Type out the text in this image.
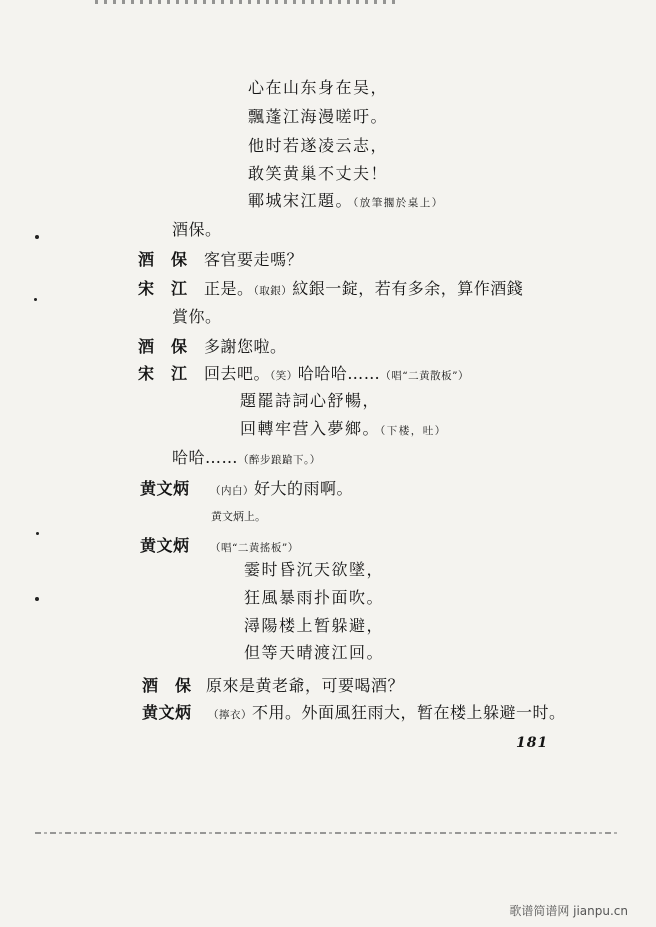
心在山东身在吴，
飄蓬江海漫嗟吁。
他时若遂凌云志，
敢笑黄巢不丈夫！
鄆城宋江題。（放筆擱於桌上）
酒保。
酒　保 客官要走嗎？
宋　江 正是。（取銀）紋銀一錠，若有多余，算作酒錢
賞你。
酒　保 多謝您啦。
宋　江 回去吧。（笑）哈哈哈……（唱“二黄散板”）
題罷詩詞心舒暢，
回轉牢营入夢鄉。（下楼，吐）
哈哈……（醉步踉蹌下。）
黄文炳 （内白）好大的雨啊。
黄文炳上。
黄文炳 （唱“二黄搖板”）
霎时昏沉天欲墜，
狂風暴雨扑面吹。
潯陽楼上暂躲避，
但等天晴渡江回。
酒　保 原來是黄老爺，可要喝酒？
黄文炳 （擰衣）不用。外面風狂雨大，暂在楼上躲避一时。
181
歌谱简谱网 jianpu.cn
